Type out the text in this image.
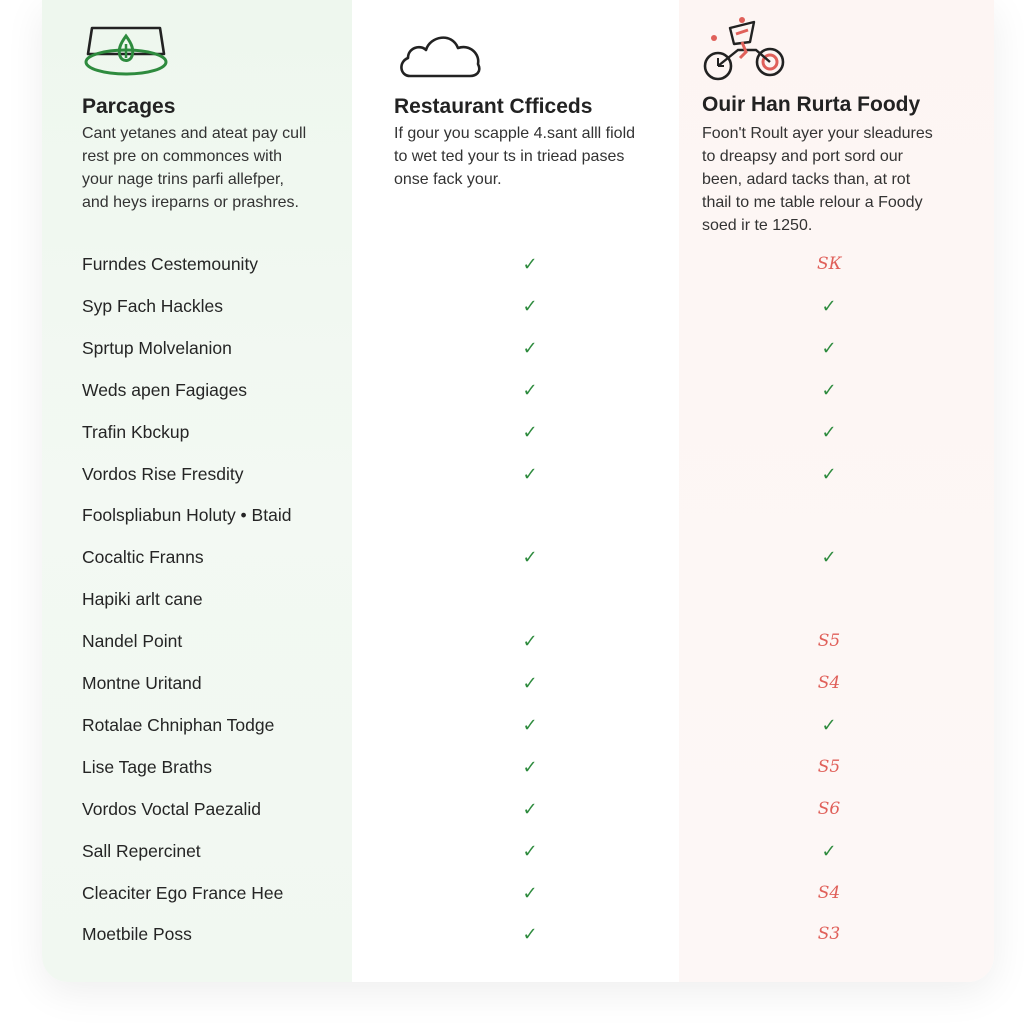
Parcages
Cant yetanes and ateat pay cull
rest pre on commonces with
your nage trins parfi allefper,
and heys ireparns or prashres.
Restaurant Cfficeds
If gour you scapple 4.sant alll fiold
to wet ted your ts in triead pases
onse fack your.
Ouir Han Rurta Foody
Foon't Roult ayer your sleadures
to dreapsy and port sord our
been, adard tacks than, at rot
thail to me table relour a Foody
soed ir te 1250.
Furndes Cestemounity	✓	ЅК
Syp Fach Hackles	✓	✓
Sprtup Molvelanion	✓	✓
Weds apen Fagiages	✓	✓
Trafin Kbckup	✓	✓
Vordos Rise Fresdity	✓	✓
Foolspliabun Holuty • Btaid
Cocaltic Franns	✓	✓
Hapiki arlt cane
Nandel Point	✓	Ѕ5
Montne Uritand	✓	Ѕ4
Rotalae Chniphan Todge	✓	✓
Lise Tage Braths	✓	Ѕ5
Vordos Voctal Paezalid	✓	Ѕ6
Sall Repercinet	✓	✓
Cleaciter Ego France Hee	✓	Ѕ4
Moetbile Poss	✓	Ѕ3
